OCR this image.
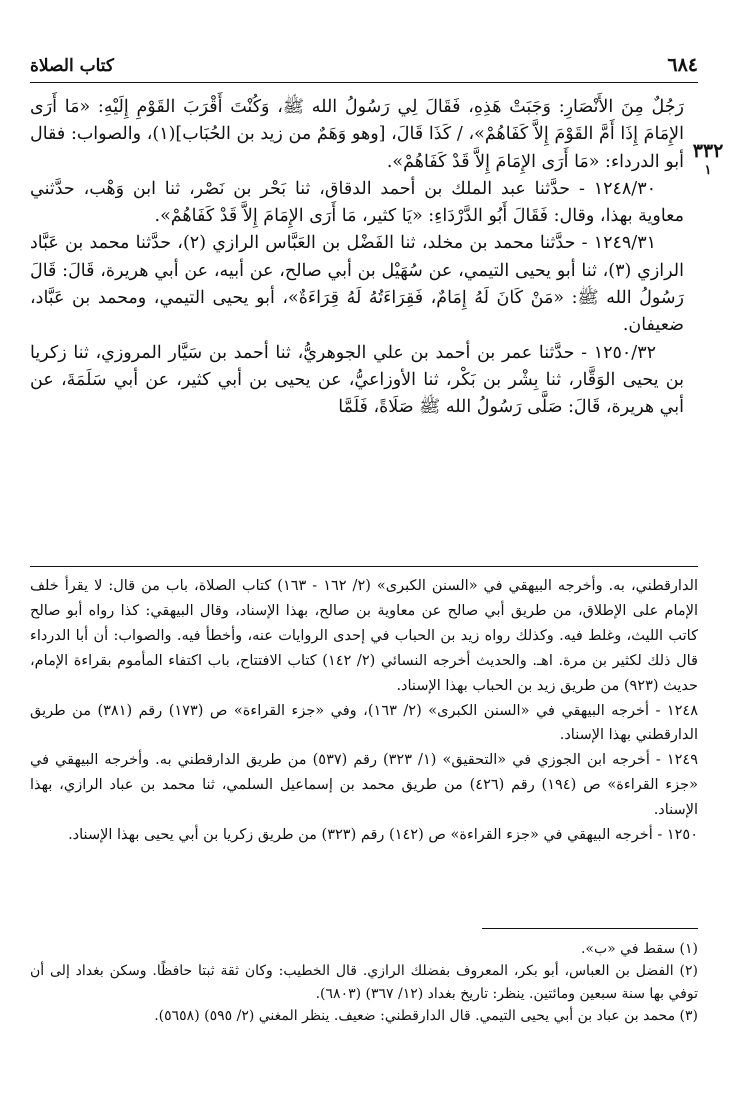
٦٨٤
كتاب الصلاة
٣٣٢
١

رَجُلٌ مِنَ الأَنْصَارِ: وَجَبَتْ هَذِهِ، فَقَالَ لِي رَسُولُ الله ﷺ، وَكُنْتَ أَقْرَبَ القَوْمِ إِلَيْهِ: «مَا أَرَى الإِمَامَ إِذَا أَمَّ القَوْمَ إِلاَّ كَفَاهُمْ»، / كَذَا قَالَ، [وهو وَهَمٌ من زيد بن الحُبَاب](١)، والصواب: فقال أبو الدرداء: «مَا أَرَى الإِمَامَ إِلاَّ قَدْ كَفَاهُمْ».

١٢٤٨/٣٠ - حدَّثنا عبد الملك بن أحمد الدقاق، ثنا بَحْر بن نَصْر، ثنا ابن وَهْب، حدَّثني معاوية بهذا، وقال: فَقَالَ أَبُو الدَّرْدَاءِ: «يَا كثير، مَا أَرَى الإِمَامَ إِلاَّ قَدْ كَفَاهُمْ».

١٢٤٩/٣١ - حدَّثنا محمد بن مخلد، ثنا الفَضْل بن العَبَّاس الرازي (٢)، حدَّثنا محمد بن عَبَّاد الرازي (٣)، ثنا أبو يحيى التيمي، عن سُهَيْل بن أبي صالح، عن أبيه، عن أبي هريرة، قَالَ: قَالَ رَسُولُ الله ﷺ: «مَنْ كَانَ لَهُ إِمَامٌ، فَقِرَاءَتُهُ لَهُ قِرَاءَةٌ»، أبو يحيى التيمي، ومحمد بن عَبَّاد، ضعيفان.

١٢٥٠/٣٢ - حدَّثنا عمر بن أحمد بن علي الجوهريُّ، ثنا أحمد بن سَيَّار المروزي، ثنا زكريا بن يحيى الوَقَّار، ثنا بِشْر بن بَكْر، ثنا الأوزاعيُّ، عن يحيى بن أبي كثير، عن أبي سَلَمَةَ، عن أبي هريرة، قَالَ: صَلَّى رَسُولُ الله ﷺ صَلَاةً، فَلَمَّا

الدارقطني، به. وأخرجه البيهقي في «السنن الكبرى» (٢/ ١٦٢ - ١٦٣) كتاب الصلاة، باب من قال: لا يقرأ خلف الإمام على الإطلاق، من طريق أبي صالح عن معاوية بن صالح، بهذا الإسناد، وقال البيهقي: كذا رواه أبو صالح كاتب الليث، وغلط فيه. وكذلك رواه زيد بن الحباب في إحدى الروايات عنه، وأخطأ فيه. والصواب: أن أبا الدرداء قال ذلك لكثير بن مرة. اهـ. والحديث أخرجه النسائي (٢/ ١٤٢) كتاب الافتتاح، باب اكتفاء المأموم بقراءة الإمام، حديث (٩٢٣) من طريق زيد بن الحباب بهذا الإسناد.

١٢٤٨ - أخرجه البيهقي في «السنن الكبرى» (٢/ ١٦٣)، وفي «جزء القراءة» ص (١٧٣) رقم (٣٨١) من طريق الدارقطني بهذا الإسناد.

١٢٤٩ - أخرجه ابن الجوزي في «التحقيق» (١/ ٣٢٣) رقم (٥٣٧) من طريق الدارقطني به. وأخرجه البيهقي في «جزء القراءة» ص (١٩٤) رقم (٤٢٦) من طريق محمد بن إسماعيل السلمي، ثنا محمد بن عباد الرازي، بهذا الإسناد.

١٢٥٠ - أخرجه البيهقي في «جزء القراءة» ص (١٤٢) رقم (٣٢٣) من طريق زكريا بن أبي يحيى بهذا الإسناد.

(١) سقط في «ب».

(٢) الفضل بن العباس، أبو بكر، المعروف بفضلك الرازي. قال الخطيب: وكان ثقة ثبتا حافظًا. وسكن بغداد إلى أن توفي بها سنة سبعين ومائتين. ينظر: تاريخ بغداد (١٢/ ٣٦٧) (٦٨٠٣).

(٣) محمد بن عباد بن أبي يحيى التيمي. قال الدارقطني: ضعيف. ينظر المغني (٢/ ٥٩٥) (٥٦٥٨).
